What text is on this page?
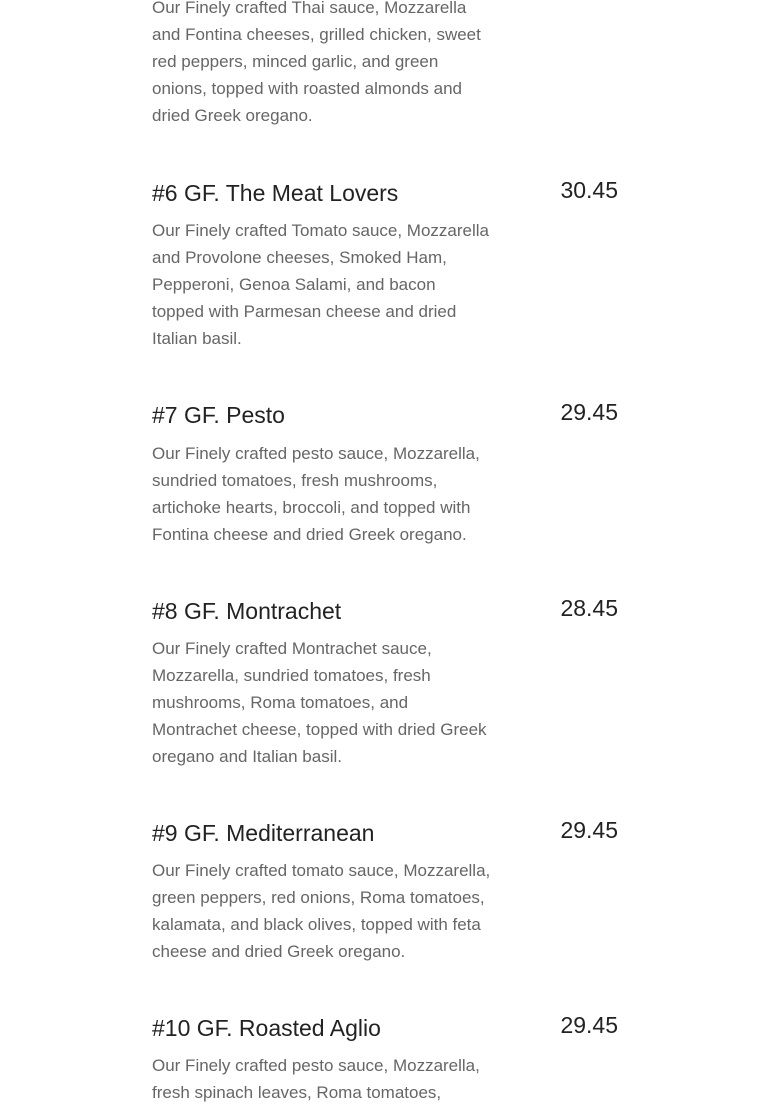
Our Finely crafted Thai sauce, Mozzarella and Fontina cheeses, grilled chicken, sweet red peppers, minced garlic, and green onions, topped with roasted almonds and dried Greek oregano.
#6 GF. The Meat Lovers	30.45
Our Finely crafted Tomato sauce, Mozzarella and Provolone cheeses, Smoked Ham, Pepperoni, Genoa Salami, and bacon topped with Parmesan cheese and dried Italian basil.
#7 GF. Pesto	29.45
Our Finely crafted pesto sauce, Mozzarella, sundried tomatoes, fresh mushrooms, artichoke hearts, broccoli, and topped with Fontina cheese and dried Greek oregano.
#8 GF. Montrachet	28.45
Our Finely crafted Montrachet sauce, Mozzarella, sundried tomatoes, fresh mushrooms, Roma tomatoes, and Montrachet cheese, topped with dried Greek oregano and Italian basil.
#9 GF. Mediterranean	29.45
Our Finely crafted tomato sauce, Mozzarella, green peppers, red onions, Roma tomatoes, kalamata, and black olives, topped with feta cheese and dried Greek oregano.
#10 GF. Roasted Aglio	29.45
Our Finely crafted pesto sauce, Mozzarella, fresh spinach leaves, Roma tomatoes,
